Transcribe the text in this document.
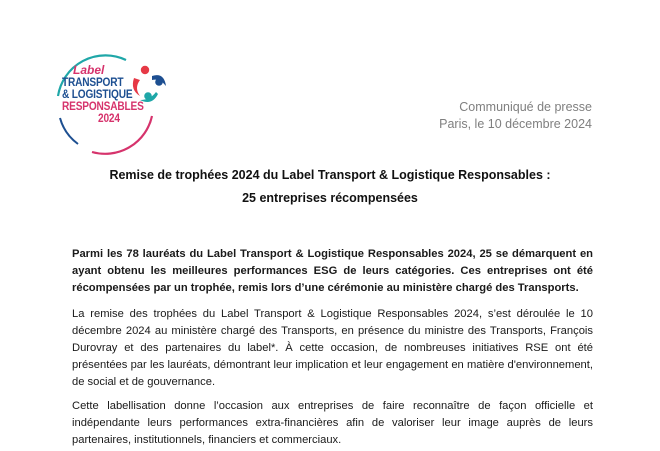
Label
TRANSPORT
& LOGISTIQUE
RESPONSABLES
2024
Communiqué de presse
Paris, le 10 décembre 2024
Remise de trophées 2024 du Label Transport & Logistique Responsables :
25 entreprises récompensées
Parmi les 78 lauréats du Label Transport & Logistique Responsables 2024, 25 se démarquent en ayant obtenu les meilleures performances ESG de leurs catégories. Ces entreprises ont été récompensées par un trophée, remis lors d’une cérémonie au ministère chargé des Transports.
La remise des trophées du Label Transport & Logistique Responsables 2024, s’est déroulée le 10 décembre 2024 au ministère chargé des Transports, en présence du ministre des Transports, François Durovray et des partenaires du label*. À cette occasion, de nombreuses initiatives RSE ont été présentées par les lauréats, démontrant leur implication et leur engagement en matière d'environnement, de social et de gouvernance.
Cette labellisation donne l’occasion aux entreprises de faire reconnaître de façon officielle et indépendante leurs performances extra-financières afin de valoriser leur image auprès de leurs partenaires, institutionnels, financiers et commerciaux.
